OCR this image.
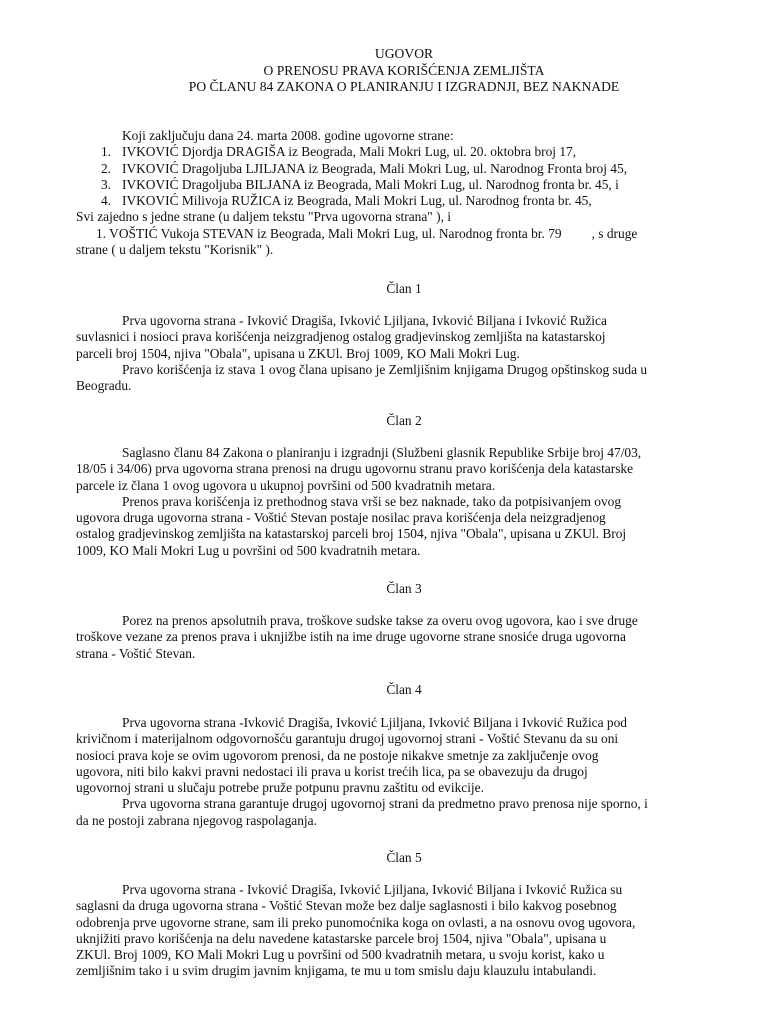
UGOVOR
O PRENOSU PRAVA KORIŠĆENJA ZEMLJIŠTA
PO ČLANU 84 ZAKONA O PLANIRANJU I IZGRADNJI, BEZ NAKNADE
Koji zaključuju dana 24. marta 2008. godine ugovorne strane:
1. IVKOVIĆ Djordja DRAGIŠA iz Beograda, Mali Mokri Lug, ul. 20. oktobra broj 17,
2. IVKOVIĆ Dragoljuba LJILJANA iz Beograda, Mali Mokri Lug, ul. Narodnog Fronta broj 45,
3. IVKOVIĆ Dragoljuba BILJANA iz Beograda, Mali Mokri Lug, ul. Narodnog fronta br. 45, i
4. IVKOVIĆ Milivoja RUŽICA iz Beograda, Mali Mokri Lug, ul. Narodnog fronta br. 45,
Svi zajedno s jedne strane (u daljem tekstu "Prva ugovorna strana" ), i
1. VOŠTIĆ Vukoja STEVAN iz Beograda, Mali Mokri Lug, ul. Narodnog fronta br. 79 , s druge
strane ( u daljem tekstu "Korisnik" ).
Član 1
Prva ugovorna strana - Ivković Dragiša, Ivković Ljiljana, Ivković Biljana i Ivković Ružica
suvlasnici i nosioci prava korišćenja neizgradjenog ostalog gradjevinskog zemljišta na katastarskoj
parceli broj 1504, njiva "Obala", upisana u ZKUl. Broj 1009, KO Mali Mokri Lug.
Pravo korišćenja iz stava 1 ovog člana upisano je Zemljišnim knjigama Drugog opštinskog suda u
Beogradu.
Član 2
Saglasno članu 84 Zakona o planiranju i izgradnji (Službeni glasnik Republike Srbije broj 47/03,
18/05 i 34/06) prva ugovorna strana prenosi na drugu ugovornu stranu pravo korišćenja dela katastarske
parcele iz člana 1 ovog ugovora u ukupnoj površini od 500 kvadratnih metara.
Prenos prava korišćenja iz prethodnog stava vrši se bez naknade, tako da potpisivanjem ovog
ugovora druga ugovorna strana - Voštić Stevan postaje nosilac prava korišćenja dela neizgradjenog
ostalog gradjevinskog zemljišta na katastarskoj parceli broj 1504, njiva "Obala", upisana u ZKUl. Broj
1009, KO Mali Mokri Lug u površini od 500 kvadratnih metara.
Član 3
Porez na prenos apsolutnih prava, troškove sudske takse za overu ovog ugovora, kao i sve druge
troškove vezane za prenos prava i uknjižbe istih na ime druge ugovorne strane snosiće druga ugovorna
strana - Voštić Stevan.
Član 4
Prva ugovorna strana -Ivković Dragiša, Ivković Ljiljana, Ivković Biljana i Ivković Ružica pod
krivičnom i materijalnom odgovornošću garantuju drugoj ugovornoj strani - Voštić Stevanu da su oni
nosioci prava koje se ovim ugovorom prenosi, da ne postoje nikakve smetnje za zaključenje ovog
ugovora, niti bilo kakvi pravni nedostaci ili prava u korist trećih lica, pa se obavezuju da drugoj
ugovornoj strani u slučaju potrebe pruže potpunu pravnu zaštitu od evikcije.
Prva ugovorna strana garantuje drugoj ugovornoj strani da predmetno pravo prenosa nije sporno, i
da ne postoji zabrana njegovog raspolaganja.
Član 5
Prva ugovorna strana - Ivković Dragiša, Ivković Ljiljana, Ivković Biljana i Ivković Ružica su
saglasni da druga ugovorna strana - Voštić Stevan može bez dalje saglasnosti i bilo kakvog posebnog
odobrenja prve ugovorne strane, sam ili preko punomoćnika koga on ovlasti, a na osnovu ovog ugovora,
uknjižiti pravo korišćenja na delu navedene katastarske parcele broj 1504, njiva "Obala", upisana u
ZKUl. Broj 1009, KO Mali Mokri Lug u površini od 500 kvadratnih metara, u svoju korist, kako u
zemljišnim tako i u svim drugim javnim knjigama, te mu u tom smislu daju klauzulu intabulandi.
